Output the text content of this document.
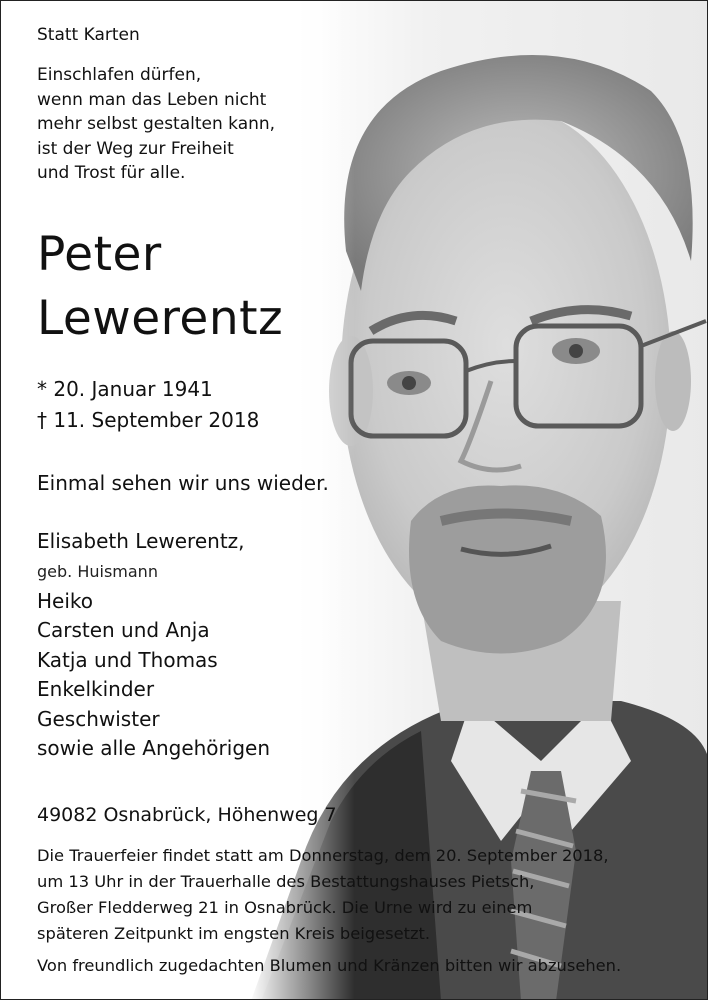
Statt Karten
Einschlafen dürfen,
wenn man das Leben nicht
mehr selbst gestalten kann,
ist der Weg zur Freiheit
und Trost für alle.
Peter
Lewerentz
* 20. Januar 1941
† 11. September 2018
Einmal sehen wir uns wieder.
Elisabeth Lewerentz,
geb. Huismann
Heiko
Carsten und Anja
Katja und Thomas
Enkelkinder
Geschwister
sowie alle Angehörigen
49082 Osnabrück, Höhenweg 7
Die Trauerfeier findet statt am Donnerstag, dem 20. September 2018,
um 13 Uhr in der Trauerhalle des Bestattungshauses Pietsch,
Großer Fledderweg 21 in Osnabrück. Die Urne wird zu einem
späteren Zeitpunkt im engsten Kreis beigesetzt.
Von freundlich zugedachten Blumen und Kränzen bitten wir abzusehen.
